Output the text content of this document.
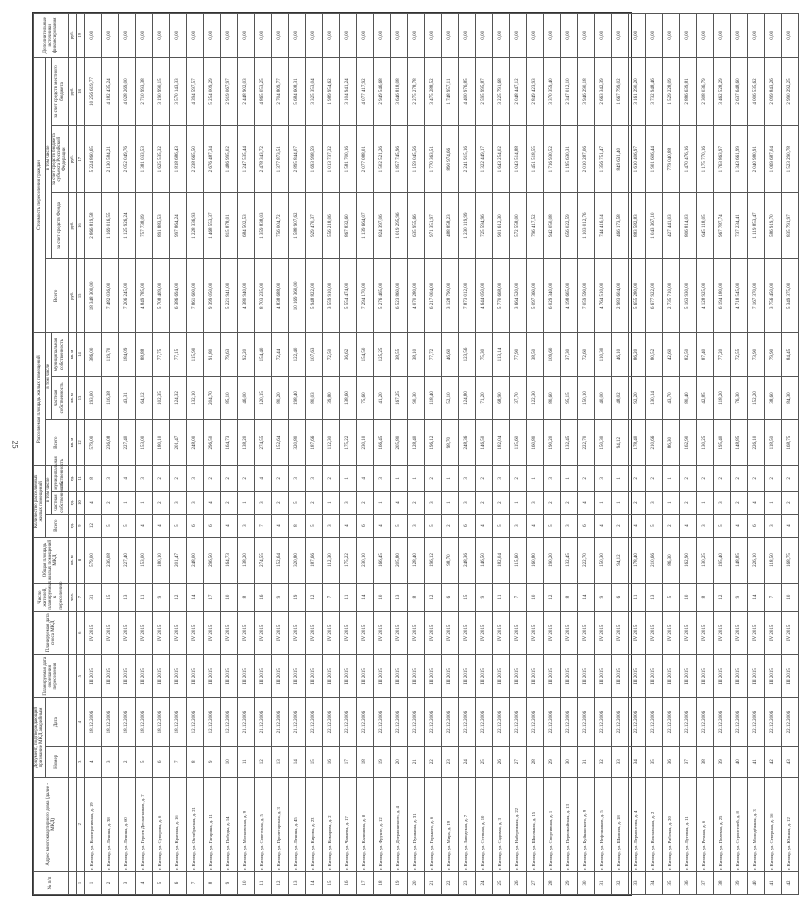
25
№ п/п	Адрес многоквартирного дома (далее - МКД)	Документ, подтверждающий признание МКД аварийным		Планируемая дата окончания переселения	Планируемая дата сноса МКД	Число жителей, планируемых к переселению	Общая площадь жилых помещений МКД	Количество расселяемых жилых помещений			Расселяемая площадь жилых помещений			Стоимость переселения граждан				Дополнительные источники финансирования
		Номер	Дата					Всего	в том числе		Всего	в том числе		Всего	в том числе			
									частная собственность	муниципальная собственность		частная собственность	муниципальная собственность		за счет средств Фонда	за счет средств бюджета субъекта Российской Федерации	за счет средств местного бюджета	
						чел.	кв. м	ед.	ед.	ед.	кв. м	кв. м	кв. м	руб.	руб.	руб.	руб.	руб.
1	2	3	4	5	6	7	8	9	10	11	12	13	14	15	16	17	18	19
1	г. Кизляр, ул. Кооперативная, д. 19	4	18.12.2006	III 2015	IV 2015	31	579,00	12	4	8	579,00	193,00	386,00	18 348 300,00	2 866 819,58	5 224 860,65	10 256 619,77	0,00
2	г. Кизляр, ул. Ленина, д. 38	3	18.12.2006	III 2015	IV 2015	15	236,08	5	2	3	236,08	116,38	119,70	7 482 036,00	1 169 016,55	2 130 584,21	4 182 435,24	0,00
3	г. Кизляр, ул. Ленина, д. 60	2	18.12.2006	III 2015	IV 2015	13	227,40	5	1	4	227,40	43,31	184,09	7 206 245,00	1 125 926,24	2 052 049,76	4 028 269,00	0,00
4	г. Кизляр, ул. Героев Десантников, д. 7	5	18.12.2006	III 2015	IV 2015	11	153,00	4	1	3	153,00	64,12	88,88	4 849 785,00	757 738,09	1 381 033,53	2 710 993,38	0,00
5	г. Кизляр, ул. Суворова, д. 6	6	18.12.2006	III 2015	IV 2015	9	180,10	4	2	2	180,10	102,35	77,75	5 708 409,00	891 883,53	1 625 535,32	3 190 990,15	0,00
6	г. Кизляр, ул. Красина, д. 16	7	18.12.2006	III 2015	IV 2015	12	201,47	5	3	2	201,47	124,32	77,15	6 386 694,00	997 864,24	1 818 686,43	3 570 143,33	0,00
7	г. Кизляр, ул. Октябрьская, д. 21	8	12.12.2006	III 2015	IV 2015	14	248,00	6	3	3	248,00	132,10	115,90	7 861 600,00	1 228 336,93	2 238 665,50	4 394 597,57	0,00
8	г. Кизляр, ул. Гагарина, д. 11	9	12.12.2006	III 2015	IV 2015	17	296,50	6	4	2	296,50	204,70	91,80	9 399 050,00	1 468 553,37	2 676 487,34	5 254 009,29	0,00
9	г. Кизляр, ул. Победы, д. 14	10	12.12.2006	III 2015	IV 2015	10	164,73	4	2	2	164,73	85,10	79,63	5 221 941,00	815 878,01	1 486 995,02	2 919 067,97	0,00
10	г. Кизляр, ул. Московская, д. 9	11	21.12.2006	III 2015	IV 2015	8	138,20	3	1	2	138,20	46,00	92,20	4 380 940,00	684 502,53	1 247 535,44	2 448 902,03	0,00
11	г. Кизляр, ул. Советская, д. 5	12	21.12.2006	III 2015	IV 2015	16	274,55	7	3	4	274,55	120,15	154,40	8 703 235,00	1 359 838,03	2 478 343,72	4 865 053,25	0,00
12	г. Кизляр, ул. Пролетарская, д. 3	13	21.12.2006	III 2015	IV 2015	9	152,64	4	2	2	152,64	80,20	72,44	4 838 688,00	756 004,72	1 377 873,51	2 704 809,77	0,00
13	г. Кизляр, ул. Ленина, д. 45	14	21.12.2006	III 2015	IV 2015	19	320,80	8	5	3	320,80	198,40	122,40	10 169 360,00	1 588 907,62	2 895 844,07	5 684 608,31	0,00
14	г. Кизляр, ул. Кирова, д. 23	15	22.12.2006	III 2015	IV 2015	12	187,66	5	2	3	187,66	80,03	107,63	5 948 822,00	929 470,37	1 693 998,59	3 325 353,04	0,00
15	г. Кизляр, ул. Комарова, д. 2	16	22.12.2006	III 2015	IV 2015	7	112,30	3	1	2	112,30	39,80	72,50	3 559 910,00	556 218,06	1 013 737,32	1 989 954,62	0,00
16	г. Кизляр, ул. Чапаева, д. 17	17	22.12.2006	III 2015	IV 2015	11	175,22	4	3	1	175,22	138,60	36,62	5 554 474,00	867 832,60	1 581 700,16	3 104 941,24	0,00
17	г. Кизляр, ул. Калинина, д. 8	18	22.12.2006	III 2015	IV 2015	14	230,10	6	2	4	230,10	75,60	154,50	7 294 170,00	1 139 664,07	2 077 088,01	4 077 417,92	0,00
18	г. Кизляр, ул. Фрунзе, д. 12	19	22.12.2006	III 2015	IV 2015	10	166,45	4	1	3	166,45	41,20	125,25	5 276 465,00	824 397,06	1 502 521,26	2 949 546,68	0,00
19	г. Кизляр, ул. Дзержинского, д. 4	20	22.12.2006	III 2015	IV 2015	13	205,80	5	4	1	205,80	167,25	38,55	6 523 860,00	1 019 295,96	1 857 745,96	3 646 818,08	0,00
20	г. Кизляр, ул. Пушкина, д. 31	21	22.12.2006	III 2015	IV 2015	8	128,40	3	2	1	128,40	90,30	38,10	4 070 280,00	635 955,66	1 159 045,56	2 275 278,78	0,00
21	г. Кизляр, ул. Горького, д. 6	22	22.12.2006	III 2015	IV 2015	12	196,12	5	3	2	196,12	118,40	77,72	6 217 004,00	971 351,97	1 770 363,51	3 475 288,52	0,00
22	г. Кизляр, ул. Мира, д. 19	23	22.12.2006	III 2015	IV 2015	6	98,70	2	1	1	98,70	52,10	46,60	3 128 790,00	488 858,23	890 974,66	1 748 957,11	0,00
23	г. Кизляр, ул. Заводская, д. 7	24	22.12.2006	III 2015	IV 2015	15	248,36	6	3	3	248,36	124,80	123,56	7 873 012,00	1 230 119,99	2 241 915,16	4 400 976,85	0,00
24	г. Кизляр, ул. Степная, д. 10	25	22.12.2006	III 2015	IV 2015	9	146,50	4	2	2	146,50	71,20	75,30	4 644 050,00	725 594,96	1 322 449,17	2 595 995,87	0,00
25	г. Кизляр, ул. Садовая, д. 3	26	22.12.2006	III 2015	IV 2015	11	182,04	5	2	3	182,04	68,90	113,14	5 770 668,00	901 612,30	1 643 254,02	3 225 791,68	0,00
26	г. Кизляр, ул. Набережная, д. 22	27	22.12.2006	III 2015	IV 2015	7	115,60	3	1	2	115,60	37,70	77,90	3 664 520,00	572 558,00	1 043 514,88	2 048 447,12	0,00
27	г. Кизляр, ул. Школьная, д. 15	28	22.12.2006	III 2015	IV 2015	10	160,80	4	3	1	160,80	122,30	38,50	5 097 360,00	796 417,52	1 451 518,55	2 849 423,93	0,00
28	г. Кизляр, ул. Спортивная, д. 1	29	22.12.2006	III 2015	IV 2015	12	190,20	5	2	3	190,20	80,60	109,60	6 029 340,00	942 050,08	1 716 930,52	3 370 359,40	0,00
29	г. Кизляр, ул. Первомайская, д. 13	30	22.12.2006	III 2015	IV 2015	8	132,45	3	2	1	132,45	95,15	37,30	4 198 665,00	656 022,59	1 195 630,31	2 347 012,10	0,00
30	г. Кизляр, ул. Буйнакского, д. 9	31	22.12.2006	III 2015	IV 2015	14	222,70	6	4	2	222,70	150,10	72,60	7 059 590,00	1 103 012,76	2 010 287,06	3 946 290,18	0,00
31	г. Кизляр, ул. Нефтяников, д. 5	32	22.12.2006	III 2015	IV 2015	9	150,30	4	1	3	150,30	40,00	110,30	4 764 510,00	744 416,14	1 356 751,47	2 663 342,39	0,00
32	г. Кизляр, ул. Шамиля, д. 18	33	22.12.2006	III 2015	IV 2015	6	94,12	2	1	1	94,12	48,02	46,10	2 983 604,00	466 173,58	849 631,40	1 667 799,02	0,00
33	г. Кизляр, ул. Лермонтова, д. 4	34	22.12.2006	III 2015	IV 2015	11	178,40	4	2	2	178,40	92,20	86,20	5 655 280,00	883 582,83	1 610 406,97	3 161 290,20	0,00
34	г. Кизляр, ул. Вокзальная, д. 2	35	22.12.2006	III 2015	IV 2015	13	210,66	5	3	2	210,66	130,14	80,52	6 677 922,00	1 043 367,10	1 901 606,44	3 732 948,46	0,00
35	г. Кизляр, ул. Рабочая, д. 20	36	22.12.2006	III 2015	IV 2015	5	86,30	2	1	1	86,30	43,70	42,60	2 735 710,00	427 441,03	779 040,88	1 529 228,09	0,00
36	г. Кизляр, ул. Луговая, д. 11	37	22.12.2006	III 2015	IV 2015	10	162,90	4	2	2	162,90	80,40	82,50	5 163 930,00	806 814,03	1 470 476,16	2 886 639,81	0,00
37	г. Кизляр, ул. Речная, д. 6	38	22.12.2006	III 2015	IV 2015	8	130,25	3	1	2	130,25	42,85	87,40	4 128 925,00	645 118,05	1 175 770,16	2 308 036,79	0,00
38	г. Кизляр, ул. Полевая, д. 25	39	22.12.2006	III 2015	IV 2015	12	195,40	5	3	2	195,40	118,20	77,20	6 194 180,00	967 787,74	1 763 863,97	3 462 528,29	0,00
39	г. Кизляр, ул. Строителей, д. 8	40	22.12.2006	III 2015	IV 2015	9	148,85	4	2	2	148,85	76,30	72,55	4 718 545,00	737 234,41	1 343 661,99	2 637 648,60	0,00
40	г. Кизляр, ул. Молодёжная, д. 3	41	22.12.2006	III 2015	IV 2015	14	226,10	6	4	2	226,10	152,20	73,90	7 167 370,00	1 119 853,47	2 040 980,91	4 006 535,62	0,00
41	г. Кизляр, ул. Северная, д. 16	42	22.12.2006	III 2015	IV 2015	7	118,50	3	1	2	118,50	38,60	79,90	3 756 450,00	586 919,70	1 069 687,04	2 099 843,26	0,00
42	г. Кизляр, ул. Южная, д. 12	43	22.12.2006	III 2015	IV 2015	10	168,75	4	2	2	168,75	84,30	84,45	5 349 375,00	835 791,97	1 523 290,78	2 990 292,25	0,00
